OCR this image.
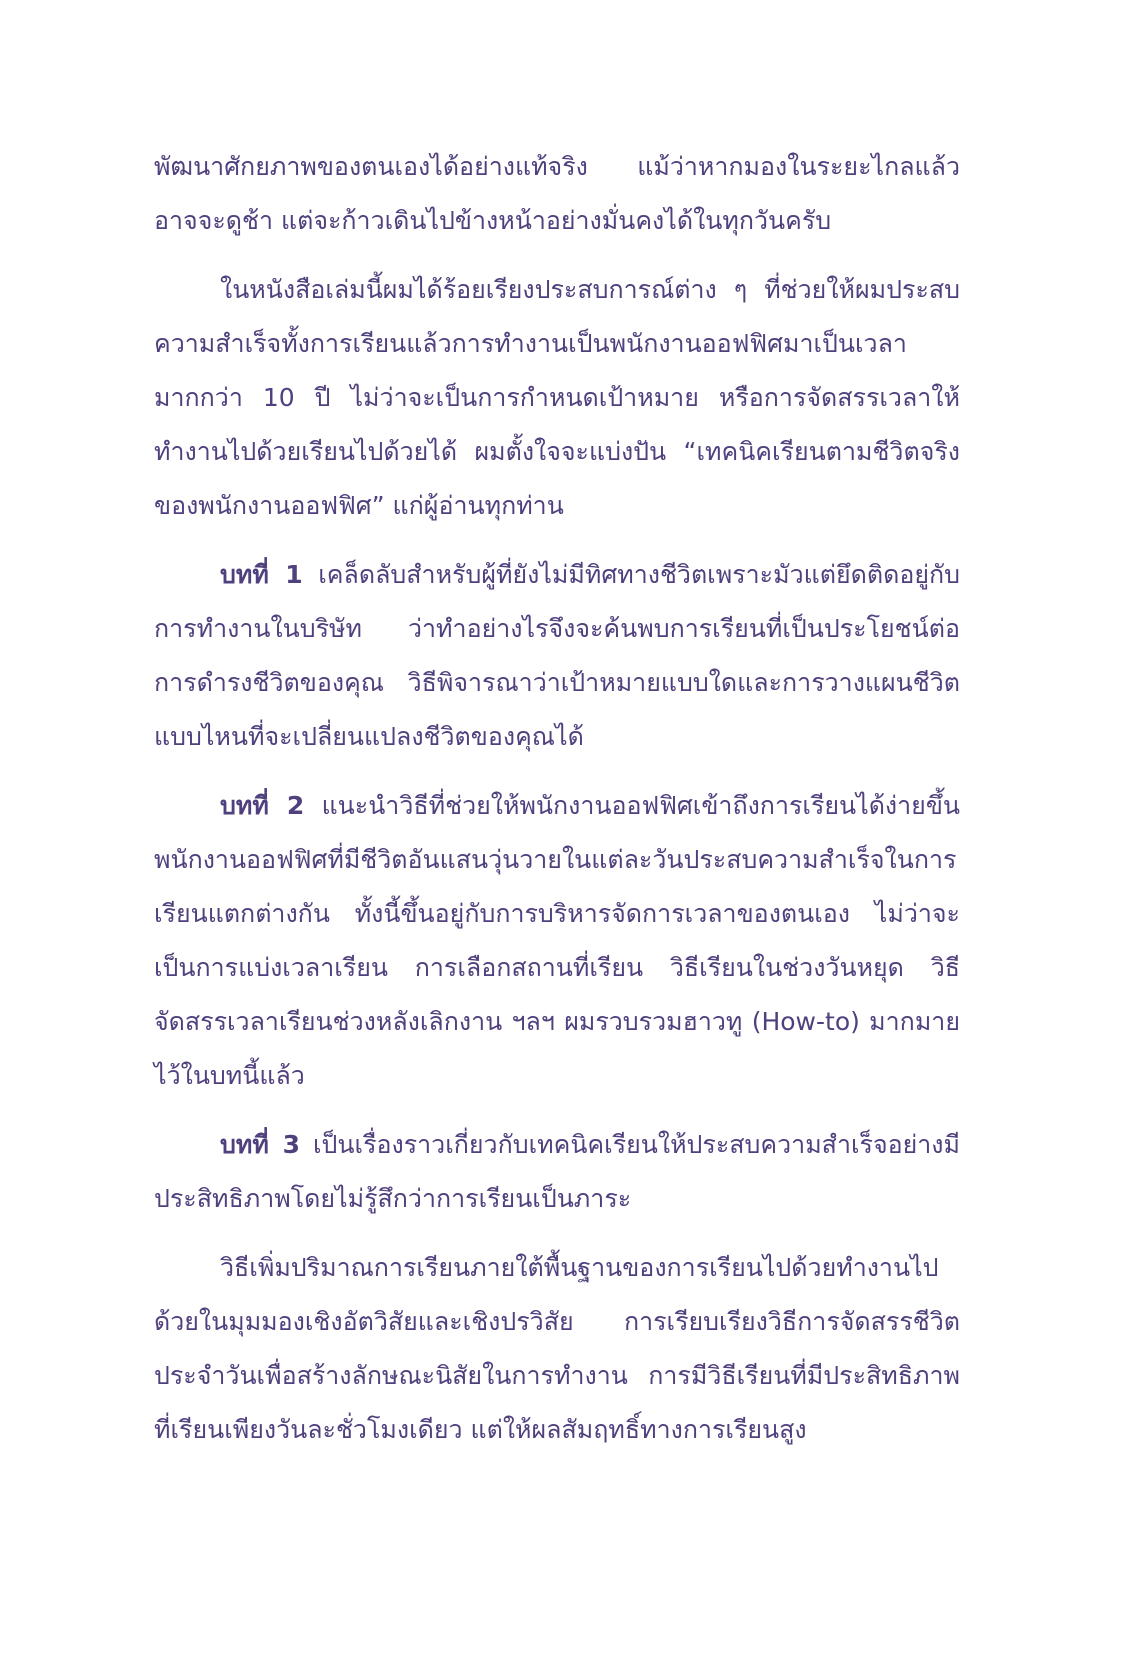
พัฒนาศักยภาพของตนเองได้อย่างแท้จริง แม้ว่าหากมองในระยะไกลแล้วอาจจะดูช้า แต่จะก้าวเดินไปข้างหน้าอย่างมั่นคงได้ในทุกวันครับ

ในหนังสือเล่มนี้ผมได้ร้อยเรียงประสบการณ์ต่าง ๆ ที่ช่วยให้ผมประสบความสำเร็จทั้งการเรียนแล้วการทำงานเป็นพนักงานออฟฟิศมาเป็นเวลามากกว่า 10 ปี ไม่ว่าจะเป็นการกำหนดเป้าหมาย หรือการจัดสรรเวลาให้ทำงานไปด้วยเรียนไปด้วยได้ ผมตั้งใจจะแบ่งปัน “เทคนิคเรียนตามชีวิตจริงของพนักงานออฟฟิศ” แก่ผู้อ่านทุกท่าน

บทที่ 1 เคล็ดลับสำหรับผู้ที่ยังไม่มีทิศทางชีวิตเพราะมัวแต่ยึดติดอยู่กับการทำงานในบริษัท ว่าทำอย่างไรจึงจะค้นพบการเรียนที่เป็นประโยชน์ต่อการดำรงชีวิตของคุณ วิธีพิจารณาว่าเป้าหมายแบบใดและการวางแผนชีวิตแบบไหนที่จะเปลี่ยนแปลงชีวิตของคุณได้

บทที่ 2 แนะนำวิธีที่ช่วยให้พนักงานออฟฟิศเข้าถึงการเรียนได้ง่ายขึ้น พนักงานออฟฟิศที่มีชีวิตอันแสนวุ่นวายในแต่ละวันประสบความสำเร็จในการเรียนแตกต่างกัน ทั้งนี้ขึ้นอยู่กับการบริหารจัดการเวลาของตนเอง ไม่ว่าจะเป็นการแบ่งเวลาเรียน การเลือกสถานที่เรียน วิธีเรียนในช่วงวันหยุด วิธีจัดสรรเวลาเรียนช่วงหลังเลิกงาน ฯลฯ ผมรวบรวมฮาวทู (How-to) มากมายไว้ในบทนี้แล้ว

บทที่ 3 เป็นเรื่องราวเกี่ยวกับเทคนิคเรียนให้ประสบความสำเร็จอย่างมีประสิทธิภาพโดยไม่รู้สึกว่าการเรียนเป็นภาระ

วิธีเพิ่มปริมาณการเรียนภายใต้พื้นฐานของการเรียนไปด้วยทำงานไปด้วยในมุมมองเชิงอัตวิสัยและเชิงปรวิสัย การเรียบเรียงวิธีการจัดสรรชีวิตประจำวันเพื่อสร้างลักษณะนิสัยในการทำงาน การมีวิธีเรียนที่มีประสิทธิภาพที่เรียนเพียงวันละชั่วโมงเดียว แต่ให้ผลสัมฤทธิ์ทางการเรียนสูง
